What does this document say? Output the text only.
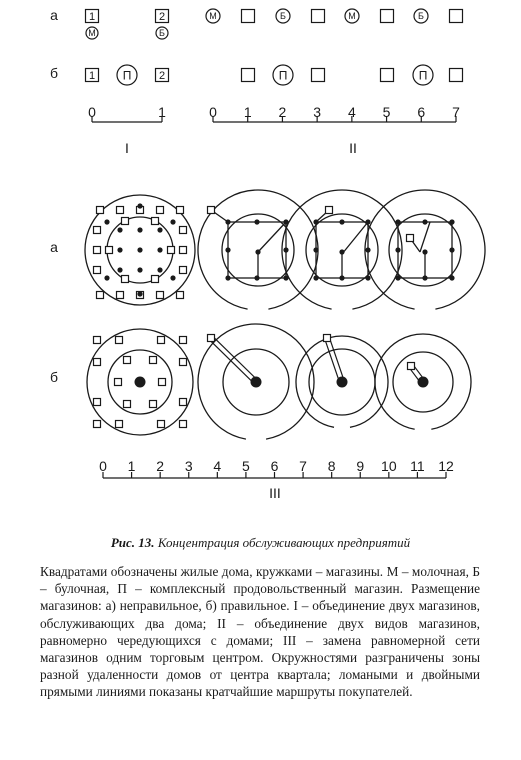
а
б
а
б
1
М
2
Б
1 П	2
0	1
I
М	Б	М	Б
П	П
0 1 2 3 4 5 6 7
II
0 1 2 3 4 5 6 7 8 9 10 11 12
III
Рис. 13. Концентрация обслуживающих предприятий
Квадратами обозначены жилые дома, кружками – магазины. М – молочная, Б – булочная, П – комплексный продовольственный магазин. Размещение магазинов: а) неправильное, б) правильное. I – объединение двух магазинов, обслуживающих два дома; II – объединение двух видов магазинов, равномерно чередующихся с домами; III – замена равномерной сети магазинов одним торговым центром. Окружностями разграничены зоны разной удаленности домов от центра квартала; ломаными и двойными прямыми линиями показаны кратчайшие маршруты покупателей.
